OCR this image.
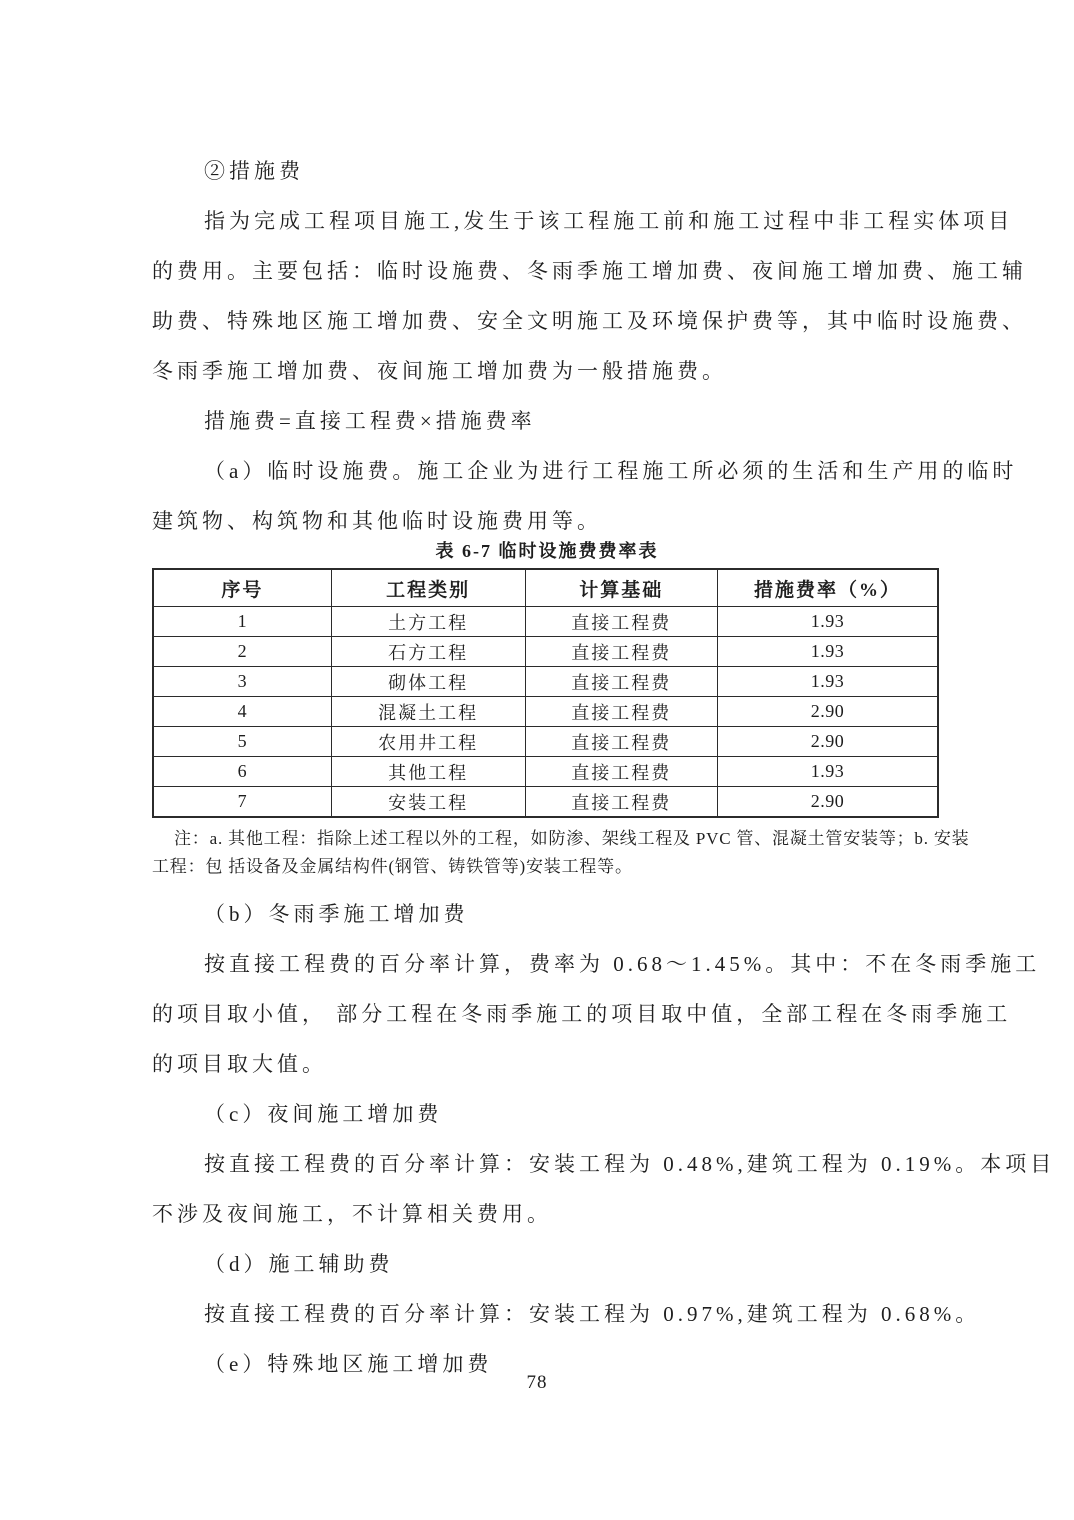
②措施费

指为完成工程项目施工,发生于该工程施工前和施工过程中非工程实体项目

的费用。主要包括：临时设施费、冬雨季施工增加费、夜间施工增加费、施工辅

助费、特殊地区施工增加费、安全文明施工及环境保护费等，其中临时设施费、

冬雨季施工增加费、夜间施工增加费为一般措施费。

措施费=直接工程费×措施费率

（a）临时设施费。施工企业为进行工程施工所必须的生活和生产用的临时

建筑物、构筑物和其他临时设施费用等。

表 6-7 临时设施费费率表

序号	工程类别	计算基础	措施费率（%）
1	土方工程	直接工程费	1.93
2	石方工程	直接工程费	1.93
3	砌体工程	直接工程费	1.93
4	混凝土工程	直接工程费	2.90
5	农用井工程	直接工程费	2.90
6	其他工程	直接工程费	1.93
7	安装工程	直接工程费	2.90

注：a. 其他工程：指除上述工程以外的工程，如防渗、架线工程及 PVC 管、混凝土管安装等；b. 安装

工程：包 括设备及金属结构件(钢管、铸铁管等)安装工程等。

（b）冬雨季施工增加费

按直接工程费的百分率计算，费率为 0.68～1.45%。其中：不在冬雨季施工

的项目取小值， 部分工程在冬雨季施工的项目取中值，全部工程在冬雨季施工

的项目取大值。

（c）夜间施工增加费

按直接工程费的百分率计算：安装工程为 0.48%,建筑工程为 0.19%。本项目

不涉及夜间施工，不计算相关费用。

（d）施工辅助费

按直接工程费的百分率计算：安装工程为 0.97%,建筑工程为 0.68%。

（e）特殊地区施工增加费

78
